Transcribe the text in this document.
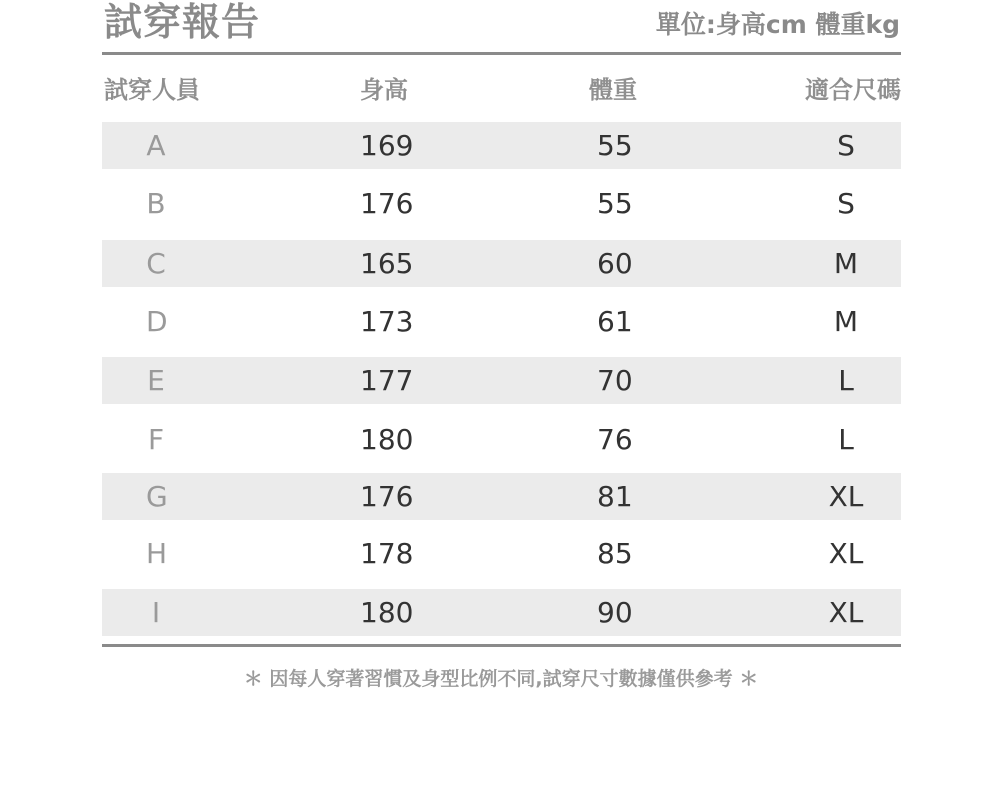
試穿報告	單位:身高cm 體重kg
試穿人員	身高	體重	適合尺碼
A	169	55	S
B	176	55	S
C	165	60	M
D	173	61	M
E	177	70	L
F	180	76	L
G	176	81	XL
H	178	85	XL
I	180	90	XL
＊ 因每人穿著習慣及身型比例不同,試穿尺寸數據僅供參考 ＊
